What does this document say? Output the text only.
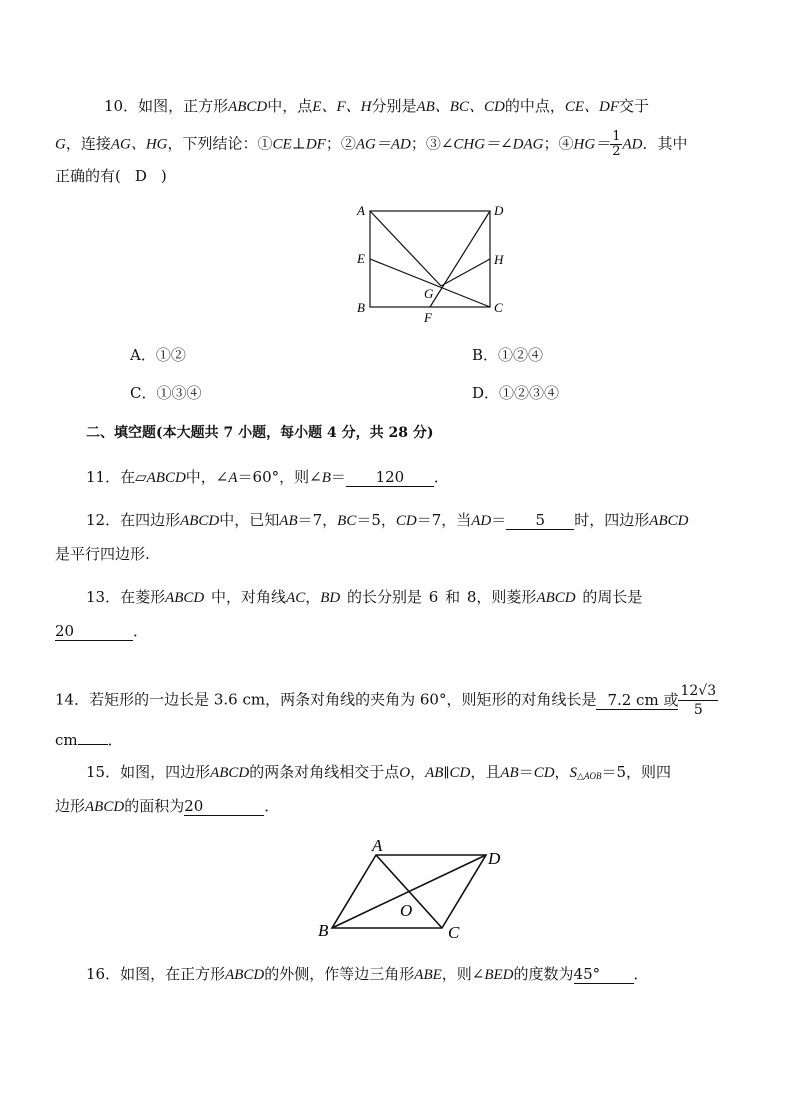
10．如图，正方形ABCD中，点E、F、H分别是AB、BC、CD的中点，CE、DF交于
G，连接AG、HG，下列结论：①CE⊥DF；②AG＝AD；③∠CHG＝∠DAG；④HG＝ $\frac{1}{2}$ AD．其中
正确的有( D )
A	D
E	H
G
B	C
F
A．①②	B．①②④
C．①③④	D．①②③④
二、填空题(本大题共 7 小题，每小题 4 分，共 28 分)
11．在▱ABCD中，∠A＝60°，则∠B＝ 120 ．
12．在四边形ABCD中，已知AB＝7，BC＝5，CD＝7，当AD＝ 5 时，四边形ABCD
是平行四边形.
13．在菱形ABCD 中，对角线AC，BD 的长分别是 6 和 8，则菱形ABCD 的周长是
20	．
14．若矩形的一边长是 3.6 cm，两条对角线的夹角为 60°，则矩形的对角线长是 7.2 cm 或 $\frac{12√3}{5}$
cm ．
15．如图，四边形ABCD的两条对角线相交于点O，AB∥CD，且AB＝CD，$S_{\triangle AOB}=5$，则四
边形ABCD的面积为20	．
A
D
O
B	C
16．如图，在正方形ABCD的外侧，作等边三角形ABE，则∠BED的度数为45° ．
